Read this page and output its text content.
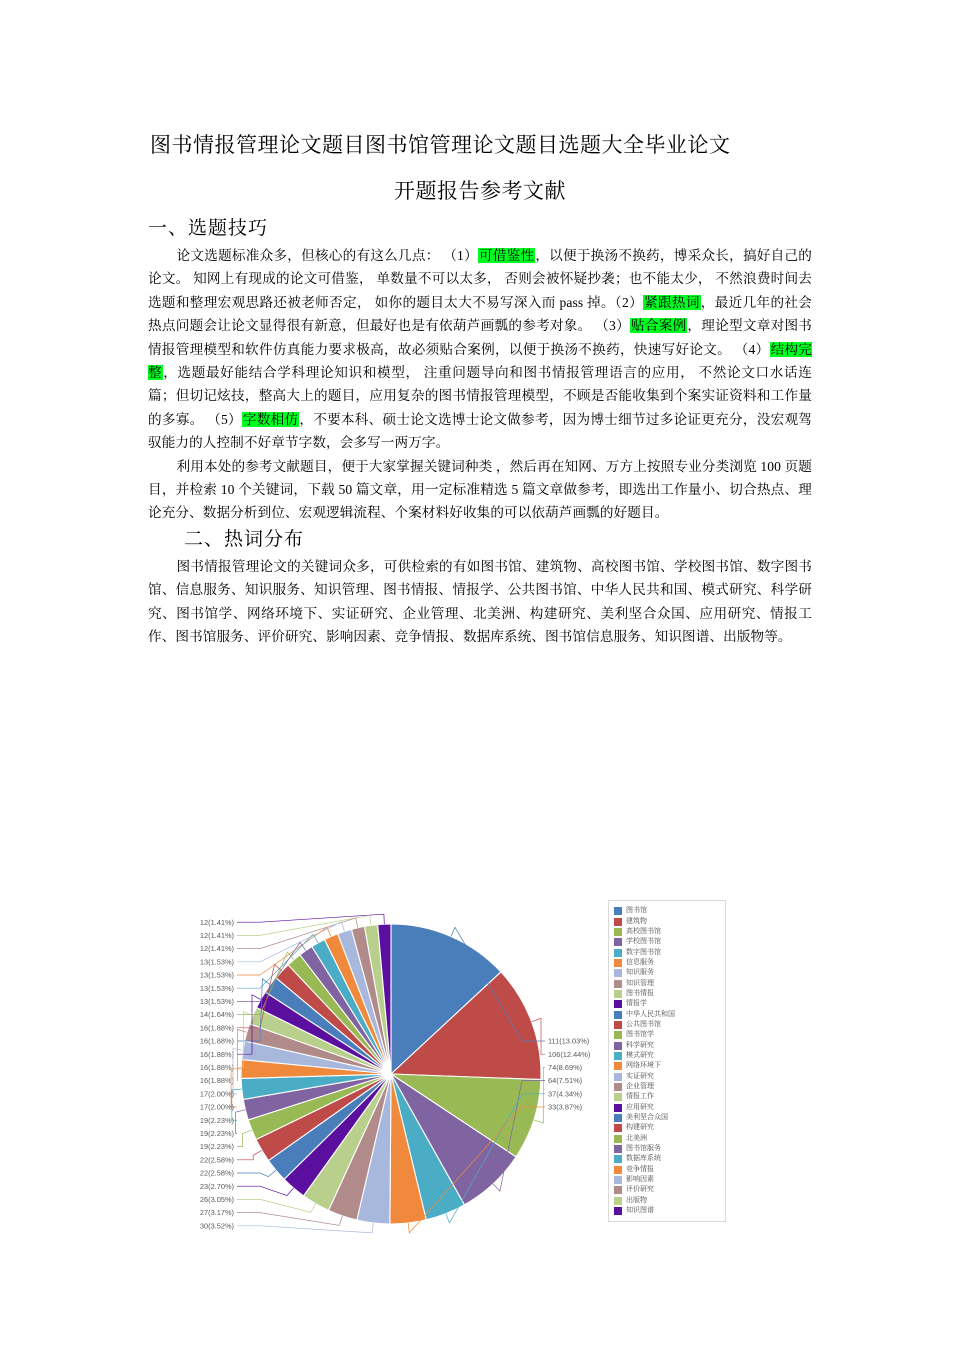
图书情报管理论文题目图书馆管理论文题目选题大全毕业论文
开题报告参考文献
一、选题技巧

论文选题标准众多，但核心的有这么几点： （1）可借鉴性，以便于换汤不换药，博采众长，搞好自己的论文。 知网上有现成的论文可借鉴， 单数量不可以太多， 否则会被怀疑抄袭；也不能太少， 不然浪费时间去选题和整理宏观思路还被老师否定， 如你的题目太大不易写深入而 pass 掉。（2）紧跟热词，最近几年的社会热点问题会让论文显得很有新意，但最好也是有依葫芦画瓢的参考对象。 （3）贴合案例，理论型文章对图书情报管理模型和软件仿真能力要求极高，故必须贴合案例，以便于换汤不换药，快速写好论文。 （4）结构完整，选题最好能结合学科理论知识和模型， 注重问题导向和图书情报管理语言的应用， 不然论文口水话连篇；但切记炫技，整高大上的题目，应用复杂的图书情报管理模型，不顾是否能收集到个案实证资料和工作量的多寡。 （5）字数相仿，不要本科、硕士论文选博士论文做参考，因为博士细节过多论证更充分，没宏观驾驭能力的人控制不好章节字数，会多写一两万字。

利用本处的参考文献题目，便于大家掌握关键词种类 ，然后再在知网、万方上按照专业分类浏览 100 页题目，并检索 10 个关键词，下载 50 篇文章，用一定标准精选 5 篇文章做参考，即选出工作量小、切合热点、理论充分、数据分析到位、宏观逻辑流程、个案材料好收集的可以依葫芦画瓢的好题目。

二、热词分布

图书情报管理论文的关键词众多，可供检索的有如图书馆、建筑物、高校图书馆、学校图书馆、数字图书馆、信息服务、知识服务、知识管理、图书情报、情报学、公共图书馆、中华人民共和国、模式研究、科学研究、图书馆学、网络环境下、实证研究、企业管理、北美洲、构建研究、美利坚合众国、应用研究、情报工作、图书馆服务、评价研究、影响因素、竞争情报、数据库系统、图书馆信息服务、知识图谱、出版物等。

111(13.03%)
106(12.44%)
74(8.69%)
64(7.51%)
37(4.34%)
33(3.87%)
12(1.41%)
12(1.41%)
12(1.41%)
13(1.53%)
13(1.53%)
13(1.53%)
13(1.53%)
14(1.64%)
16(1.88%)
16(1.88%)
16(1.88%)
16(1.88%)
16(1.88%)
17(2.00%)
17(2.00%)
19(2.23%)
19(2.23%)
19(2.23%)
22(2.58%)
22(2.58%)
23(2.70%)
26(3.05%)
27(3.17%)
30(3.52%)
图书馆
建筑物
高校图书馆
学校图书馆
数字图书馆
信息服务
知识服务
知识管理
图书情报
情报学
中华人民共和国
公共图书馆
图书馆学
科学研究
模式研究
网络环境下
实证研究
企业管理
情报工作
应用研究
美利坚合众国
构建研究
北美洲
图书馆服务
数据库系统
竞争情报
影响因素
评价研究
出版物
知识图谱
